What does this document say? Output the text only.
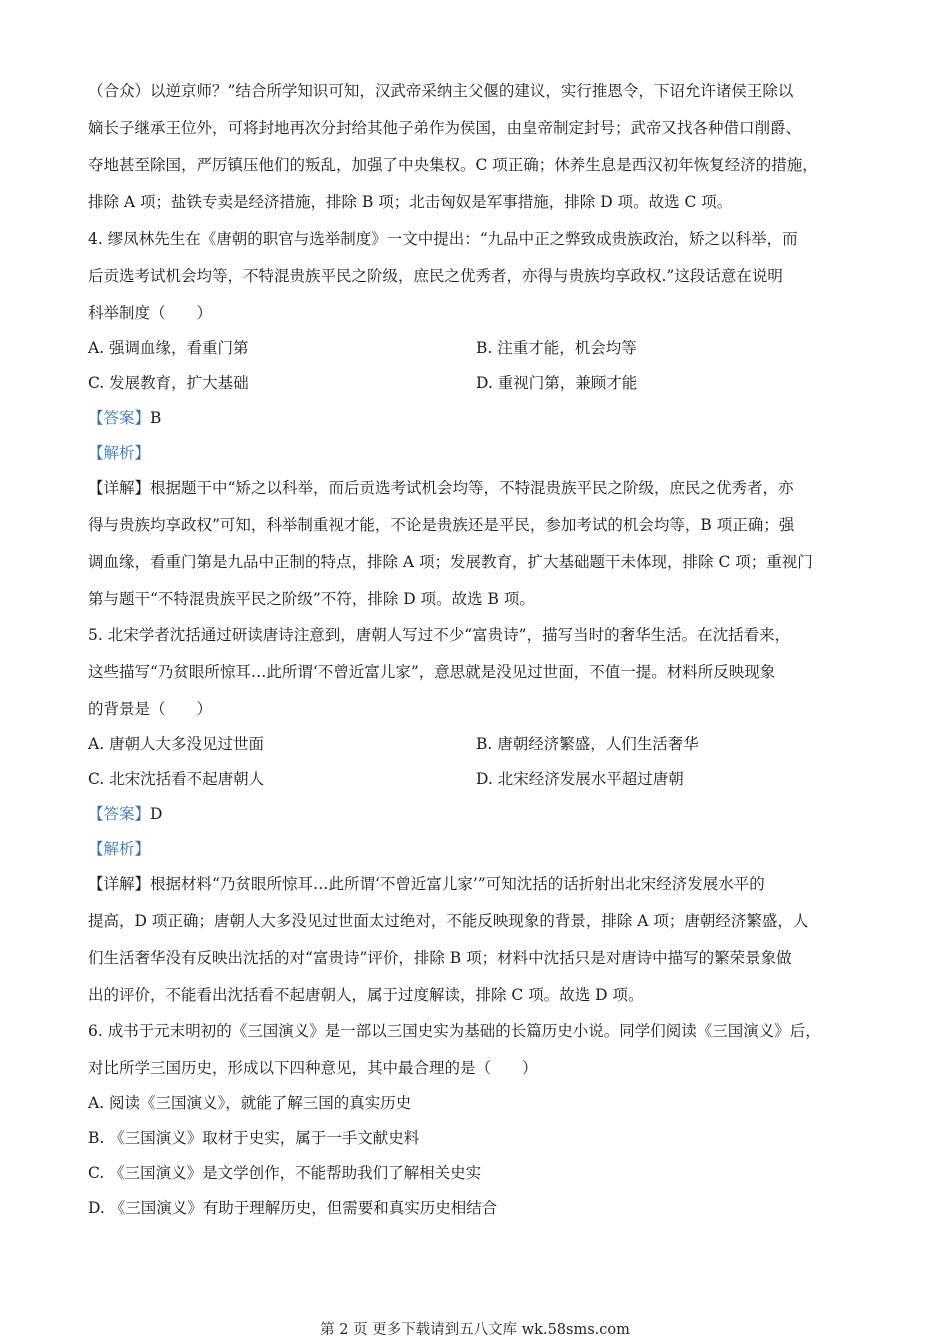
（合众）以逆京师？”结合所学知识可知，汉武帝采纳主父偃的建议，实行推恩令，下诏允许诸侯王除以
嫡长子继承王位外，可将封地再次分封给其他子弟作为侯国，由皇帝制定封号；武帝又找各种借口削爵、
夺地甚至除国，严厉镇压他们的叛乱，加强了中央集权。C 项正确；休养生息是西汉初年恢复经济的措施，
排除 A 项；盐铁专卖是经济措施，排除 B 项；北击匈奴是军事措施，排除 D 项。故选 C 项。
4. 缪凤林先生在《唐朝的职官与选举制度》一文中提出：“九品中正之弊致成贵族政治，矫之以科举，而
后贡选考试机会均等，不特混贵族平民之阶级，庶民之优秀者，亦得与贵族均享政权.”这段话意在说明
科举制度（　　）
A. 强调血缘，看重门第	B. 注重才能，机会均等
C. 发展教育，扩大基础	D. 重视门第，兼顾才能
【答案】B
【解析】
【详解】根据题干中“矫之以科举，而后贡选考试机会均等，不特混贵族平民之阶级，庶民之优秀者，亦
得与贵族均享政权”可知，科举制重视才能，不论是贵族还是平民，参加考试的机会均等，B 项正确；强
调血缘，看重门第是九品中正制的特点，排除 A 项；发展教育，扩大基础题干未体现，排除 C 项；重视门
第与题干“不特混贵族平民之阶级”不符，排除 D 项。故选 B 项。
5. 北宋学者沈括通过研读唐诗注意到，唐朝人写过不少“富贵诗”，描写当时的奢华生活。在沈括看来，
这些描写“乃贫眼所惊耳…此所谓‘不曾近富儿家”，意思就是没见过世面，不值一提。材料所反映现象
的背景是（　　）
A. 唐朝人大多没见过世面	B. 唐朝经济繁盛，人们生活奢华
C. 北宋沈括看不起唐朝人	D. 北宋经济发展水平超过唐朝
【答案】D
【解析】
【详解】根据材料“乃贫眼所惊耳…此所谓‘不曾近富儿家’”可知沈括的话折射出北宋经济发展水平的
提高，D 项正确；唐朝人大多没见过世面太过绝对，不能反映现象的背景，排除 A 项；唐朝经济繁盛，人
们生活奢华没有反映出沈括的对“富贵诗”评价，排除 B 项；材料中沈括只是对唐诗中描写的繁荣景象做
出的评价，不能看出沈括看不起唐朝人，属于过度解读，排除 C 项。故选 D 项。
6. 成书于元末明初的《三国演义》是一部以三国史实为基础的长篇历史小说。同学们阅读《三国演义》后，
对比所学三国历史，形成以下四种意见，其中最合理的是（　　）
A. 阅读《三国演义》，就能了解三国的真实历史
B. 《三国演义》取材于史实，属于一手文献史料
C. 《三国演义》是文学创作，不能帮助我们了解相关史实
D. 《三国演义》有助于理解历史，但需要和真实历史相结合
第 2 页 更多下载请到五八文库 wk.58sms.com
